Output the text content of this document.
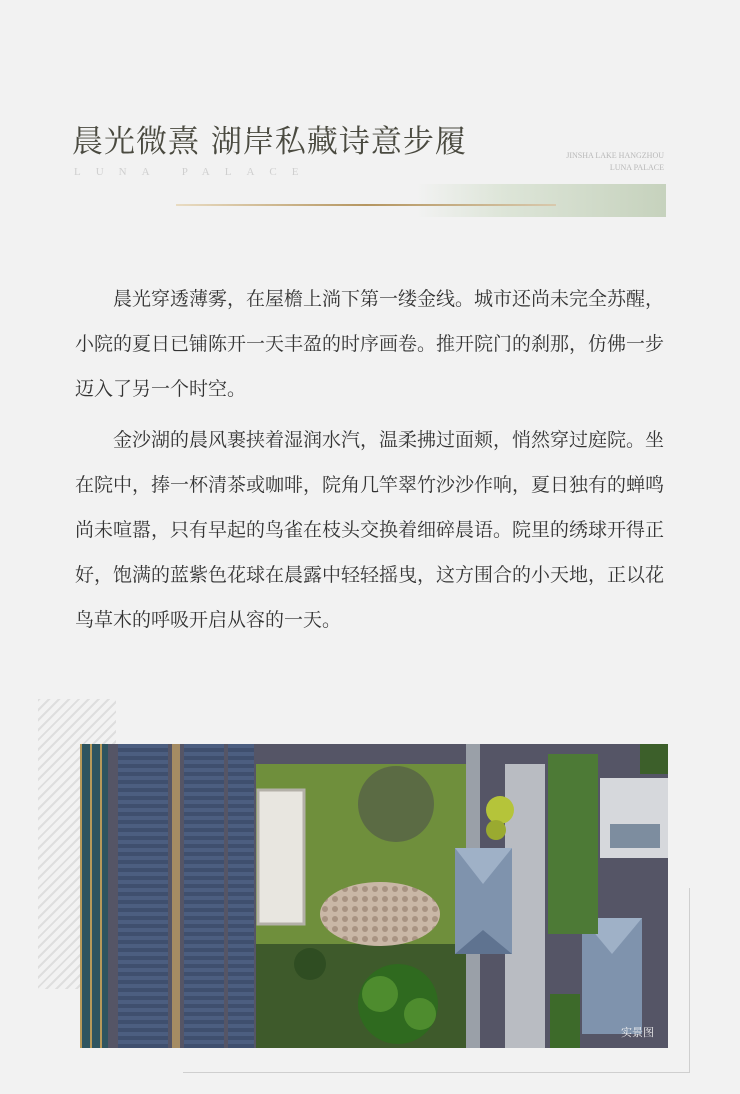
晨光微熹 湖岸私藏诗意步履
LUNA PALACE
JINSHA LAKE HANGZHOU
LUNA PALACE

晨光穿透薄雾，在屋檐上淌下第一缕金线。城市还尚未完全苏醒，小院的夏日已铺陈开一天丰盈的时序画卷。推开院门的刹那，仿佛一步迈入了另一个时空。

金沙湖的晨风裹挟着湿润水汽，温柔拂过面颊，悄然穿过庭院。坐在院中，捧一杯清茶或咖啡，院角几竿翠竹沙沙作响，夏日独有的蝉鸣尚未喧嚣，只有早起的鸟雀在枝头交换着细碎晨语。院里的绣球开得正好，饱满的蓝紫色花球在晨露中轻轻摇曳，这方围合的小天地，正以花鸟草木的呼吸开启从容的一天。

实景图
